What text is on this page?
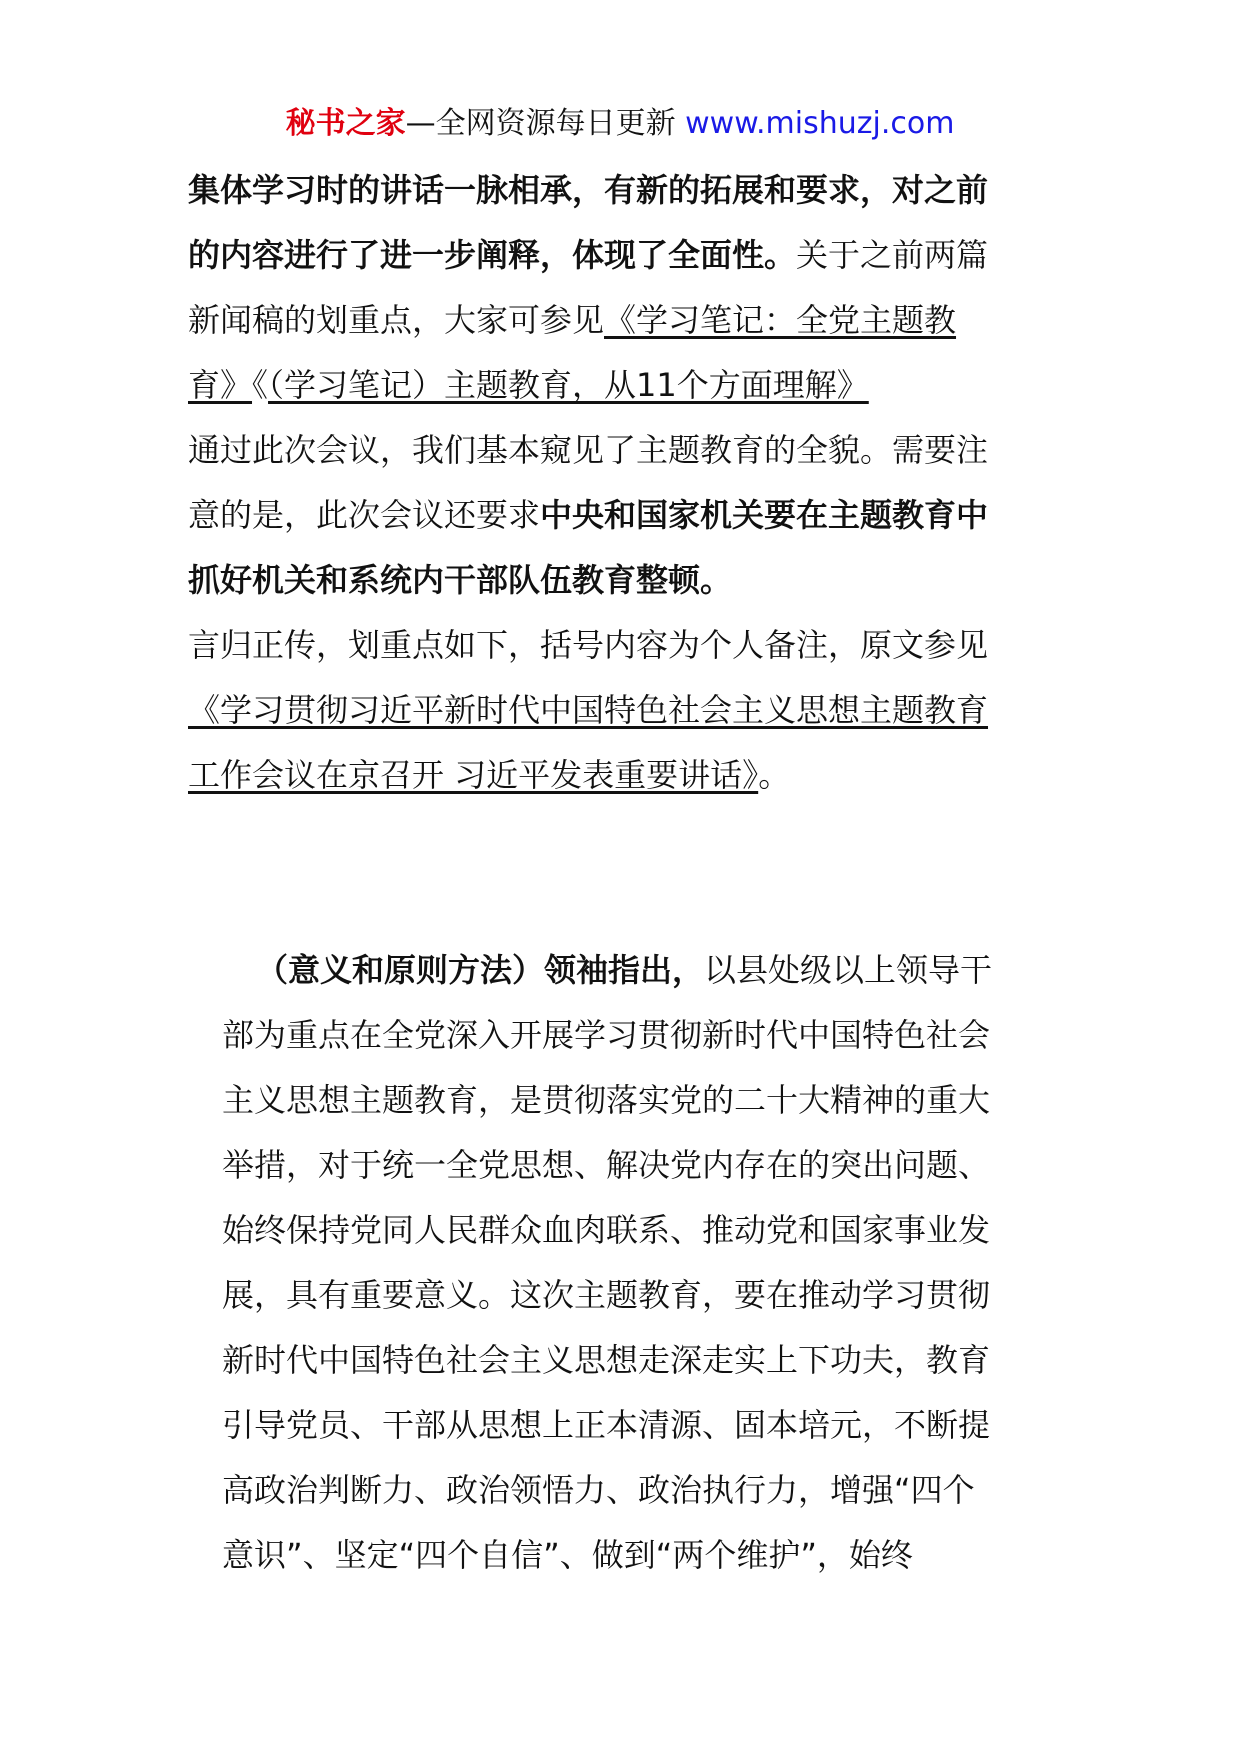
秘书之家—全网资源每日更新 www.mishuzj.com
集体学习时的讲话一脉相承，有新的拓展和要求，对之前
的内容进行了进一步阐释，体现了全面性。关于之前两篇
新闻稿的划重点，大家可参见《学习笔记：全党主题教
育》《（学习笔记）主题教育，从11个方面理解》
通过此次会议，我们基本窥见了主题教育的全貌。需要注
意的是，此次会议还要求中央和国家机关要在主题教育中
抓好机关和系统内干部队伍教育整顿。
言归正传，划重点如下，括号内容为个人备注，原文参见
《学习贯彻习近平新时代中国特色社会主义思想主题教育
工作会议在京召开 习近平发表重要讲话》。
（意义和原则方法）领袖指出，以县处级以上领导干
部为重点在全党深入开展学习贯彻新时代中国特色社会
主义思想主题教育，是贯彻落实党的二十大精神的重大
举措，对于统一全党思想、解决党内存在的突出问题、
始终保持党同人民群众血肉联系、推动党和国家事业发
展，具有重要意义。这次主题教育，要在推动学习贯彻
新时代中国特色社会主义思想走深走实上下功夫，教育
引导党员、干部从思想上正本清源、固本培元，不断提
高政治判断力、政治领悟力、政治执行力，增强“四个
意识”、坚定“四个自信”、做到“两个维护”，始终
